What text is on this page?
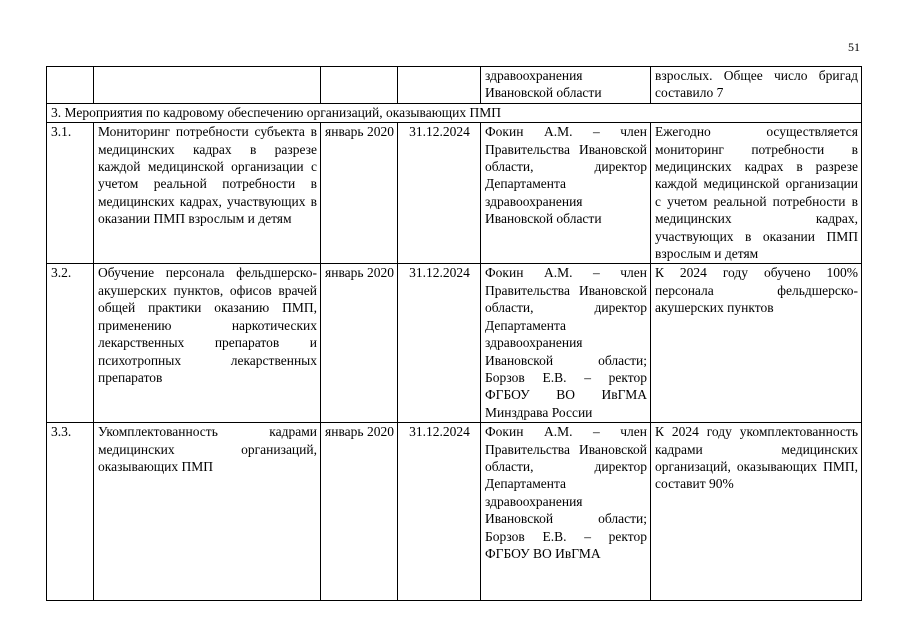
51
				здравоохранения Ивановской области	взрослых. Общее число бригад составило 7
3. Мероприятия по кадровому обеспечению организаций, оказывающих ПМП					
3.1.	Мониторинг потребности субъекта в медицинских кадрах в разрезе каждой медицинской организации с учетом реальной потребности в медицинских кадрах, участвующих в оказании ПМП взрослым и детям	январь 2020	31.12.2024	Фокин А.М. – член Правительства Ивановской области, директор Департамента здравоохранения Ивановской области	Ежегодно осуществляется мониторинг потребности в медицинских кадрах в разрезе каждой медицинской организации с учетом реальной потребности в медицинских кадрах, участвующих в оказании ПМП взрослым и детям
3.2.	Обучение персонала фельдшерско-акушерских пунктов, офисов врачей общей практики оказанию ПМП, применению наркотических лекарственных препаратов и психотропных лекарственных препаратов	январь 2020	31.12.2024	Фокин А.М. – член Правительства Ивановской области, директор Департамента здравоохранения Ивановской области; Борзов Е.В. – ректор ФГБОУ ВО ИвГМА Минздрава России	К 2024 году обучено 100% персонала фельдшерско-акушерских пунктов
3.3.	Укомплектованность кадрами медицинских организаций, оказывающих ПМП	январь 2020	31.12.2024	Фокин А.М. – член Правительства Ивановской области, директор Департамента здравоохранения Ивановской области; Борзов Е.В. – ректор ФГБОУ ВО ИвГМА	К 2024 году укомплектованность кадрами медицинских организаций, оказывающих ПМП, составит 90%
